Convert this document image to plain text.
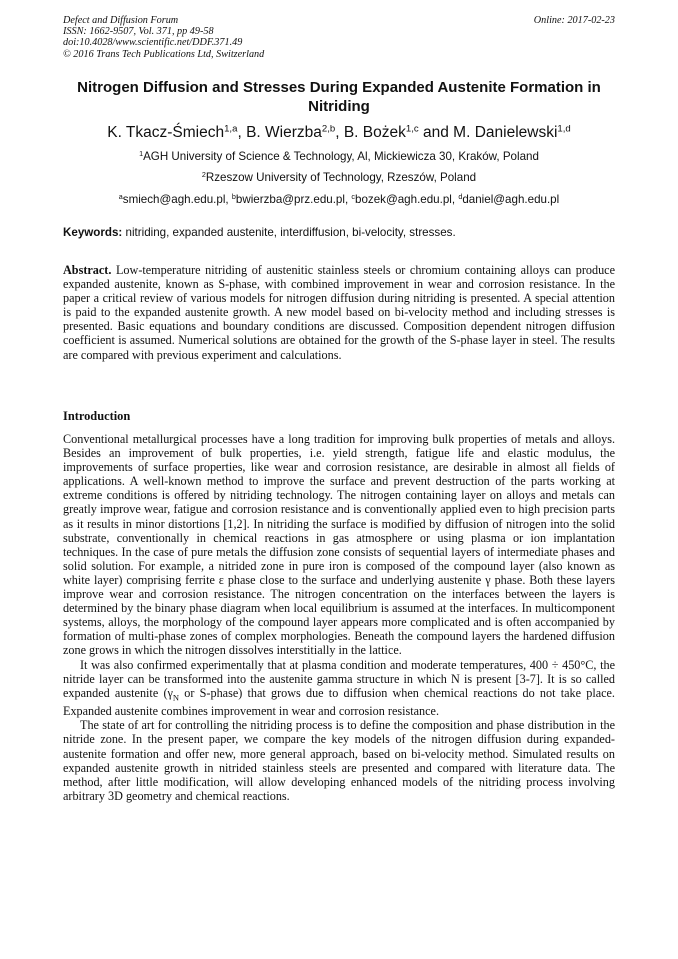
Defect and Diffusion Forum
ISSN: 1662-9507, Vol. 371, pp 49-58
doi:10.4028/www.scientific.net/DDF.371.49
© 2016 Trans Tech Publications Ltd, Switzerland
Online: 2017-02-23
Nitrogen Diffusion and Stresses During Expanded Austenite Formation in Nitriding
K. Tkacz-Śmiech$^{1,a}$, B. Wierzba$^{2,b}$, B. Bożek$^{1,c}$ and M. Danielewski$^{1,d}$
$^1$AGH University of Science & Technology, Al, Mickiewicza 30, Kraków, Poland
$^2$Rzeszow University of Technology, Rzeszów, Poland
$^a$smiech@agh.edu.pl, $^b$bwierzba@prz.edu.pl, $^c$bozek@agh.edu.pl, $^d$daniel@agh.edu.pl
Keywords: nitriding, expanded austenite, interdiffusion, bi-velocity, stresses.
Abstract. Low-temperature nitriding of austenitic stainless steels or chromium containing alloys can produce expanded austenite, known as S-phase, with combined improvement in wear and corrosion resistance. In the paper a critical review of various models for nitrogen diffusion during nitriding is presented. A special attention is paid to the expanded austenite growth. A new model based on bi-velocity method and including stresses is presented. Basic equations and boundary conditions are discussed. Composition dependent nitrogen diffusion coefficient is assumed. Numerical solutions are obtained for the growth of the S-phase layer in steel. The results are compared with previous experiment and calculations.
Introduction

Conventional metallurgical processes have a long tradition for improving bulk properties of metals and alloys. Besides an improvement of bulk properties, i.e. yield strength, fatigue life and elastic modulus, the improvements of surface properties, like wear and corrosion resistance, are desirable in almost all fields of applications. A well-known method to improve the surface and prevent destruction of the parts working at extreme conditions is offered by nitriding technology. The nitrogen containing layer on alloys and metals can greatly improve wear, fatigue and corrosion resistance and is conventionally applied even to high precision parts as it results in minor distortions [1,2]. In nitriding the surface is modified by diffusion of nitrogen into the solid substrate, conventionally in chemical reactions in gas atmosphere or using plasma or ion implantation techniques. In the case of pure metals the diffusion zone consists of sequential layers of intermediate phases and solid solution. For example, a nitrided zone in pure iron is composed of the compound layer (also known as white layer) comprising ferrite ε phase close to the surface and underlying austenite γ phase. Both these layers improve wear and corrosion resistance. The nitrogen concentration on the interfaces between the layers is determined by the binary phase diagram when local equilibrium is assumed at the interfaces. In multicomponent systems, alloys, the morphology of the compound layer appears more complicated and is often accompanied by formation of multi-phase zones of complex morphologies. Beneath the compound layers the hardened diffusion zone grows in which the nitrogen dissolves interstitially in the lattice.

It was also confirmed experimentally that at plasma condition and moderate temperatures, 400 ÷ 450°C, the nitride layer can be transformed into the austenite gamma structure in which N is present [3-7]. It is so called expanded austenite ($\gamma_N$ or S-phase) that grows due to diffusion when chemical reactions do not take place. Expanded austenite combines improvement in wear and corrosion resistance.

The state of art for controlling the nitriding process is to define the composition and phase distribution in the nitride zone. In the present paper, we compare the key models of the nitrogen diffusion during expanded-austenite formation and offer new, more general approach, based on bi-velocity method. Simulated results on expanded austenite growth in nitrided stainless steels are presented and compared with literature data. The method, after little modification, will allow developing enhanced models of the nitriding process involving arbitrary 3D geometry and chemical reactions.
